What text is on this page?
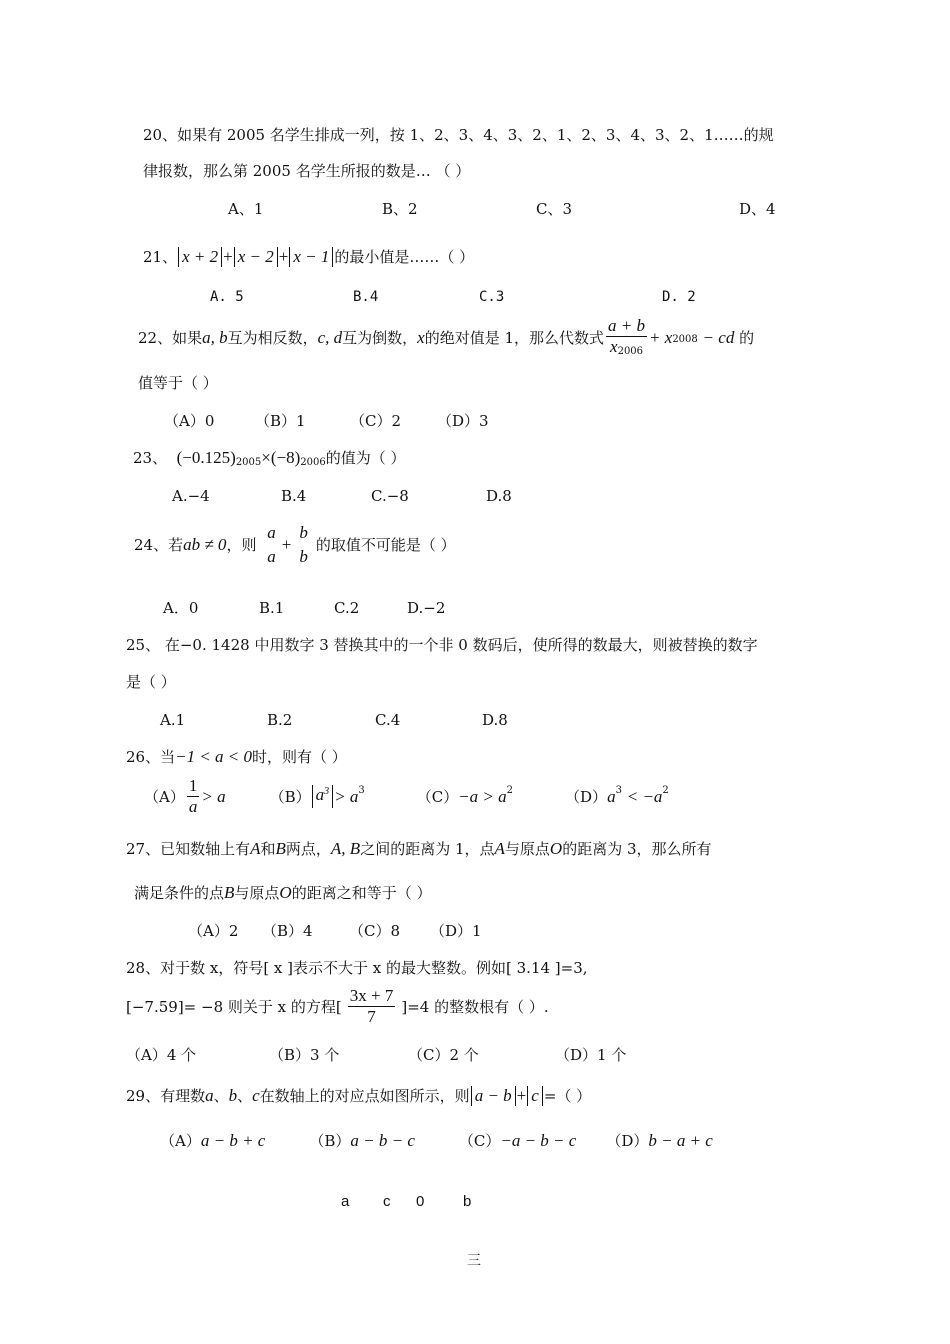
20、如果有 2005 名学生排成一列，按 1、2、3、4、3、2、1、2、3、4、3、2、1……的规
律报数，那么第 2005 名学生所报的数是… （ ）
A、1	B、2	C、3	D、4
21、 x + 2 + x − 2 + x − 1 的最小值是……（ ）
A. 5	B.4	C.3	D. 2
22、如果 a, b 互为相反数， c, d 互为倒数， x 的绝对值是 1，那么代数式 $\frac{a + b}{x2006} + x$ 2008
− cd
的
值等于（ ）
（A）0	（B）1	（C）2 （D）3
23、 (−0.125)2005×(−8)2006的值为（ ）
A.−4	B.4	C.−8	D.8
24、若 ab ≠ 0 ，则

a
a
+
b
b
的取值不可能是（ ）
A．0	B.1	C.2	D.−2
25、 在−0. 1428 中用数字 3 替换其中的一个非 0 数码后，使所得的数最大，则被替换的数字
是（ ）
A.1	B.2	C.4	D.8
26、当−1 < a < 0时，则有（ ）
$(A) \frac{1}{a} > a$	（B） $a^3 > a$ 3	（C） −a > a 2	（D） a 3
< −a 2
27、已知数轴上有A和B两点，A, B之间的距离为 1，点A与原点O的距离为 3，那么所有
满足条件的点B与原点O的距离之和等于（ ）
（A）2 （B）4 （C）8 （D）1
28、对于数 x，符号[ x ]表示不大于 x 的最大整数。例如[ 3.14 ]=3,
[−7.59]= −8 则关于 x 的方程[ $\frac{3x + 7}{7} ]=4$ 的整数根有（ ）.
（A）4 个	（B）3 个	（C）2 个	（D）1 个
29、有理数a、b、c在数轴上的对应点如图所示，则 a − b + c =（ ）
（A）a − b + c	（B）a − b − c	（C）−a − b − c （D）b − a + c
a c 0	b
三
